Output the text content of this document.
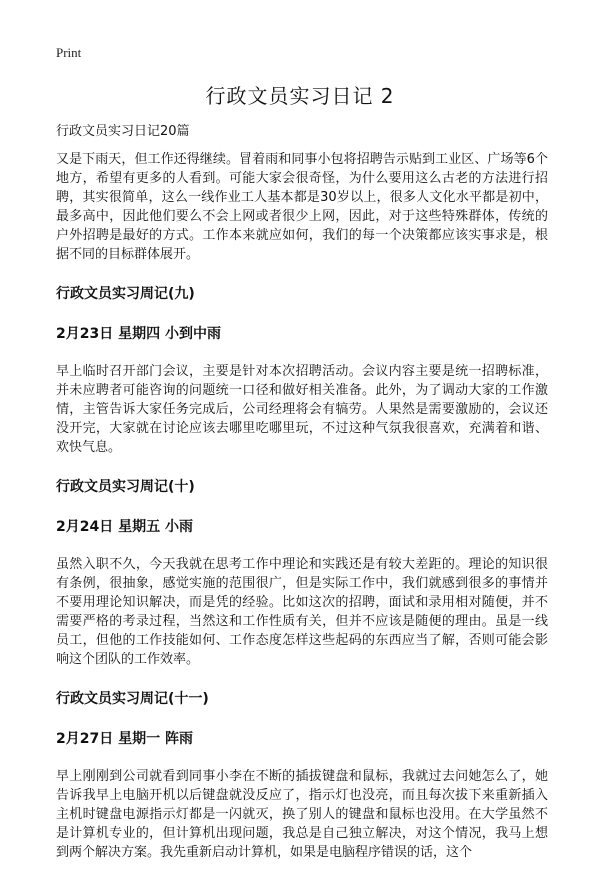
Print
行政文员实习日记 2
行政文员实习日记20篇

又是下雨天，但工作还得继续。冒着雨和同事小包将招聘告示贴到工业区、广场等6个地方，希望有更多的人看到。可能大家会很奇怪，为什么要用这么古老的方法进行招聘，其实很简单，这么一线作业工人基本都是30岁以上，很多人文化水平都是初中，最多高中，因此他们要么不会上网或者很少上网，因此，对于这些特殊群体，传统的户外招聘是最好的方式。工作本来就应如何，我们的每一个决策都应该实事求是，根据不同的目标群体展开。

行政文员实习周记(九)
2月23日 星期四 小到中雨

早上临时召开部门会议，主要是针对本次招聘活动。会议内容主要是统一招聘标准，并未应聘者可能咨询的问题统一口径和做好相关准备。此外，为了调动大家的工作激情，主管告诉大家任务完成后，公司经理将会有犒劳。人果然是需要激励的，会议还没开完，大家就在讨论应该去哪里吃哪里玩，不过这种气氛我很喜欢，充满着和谐、欢快气息。

行政文员实习周记(十)
2月24日 星期五 小雨

虽然入职不久，今天我就在思考工作中理论和实践还是有较大差距的。理论的知识很有条例，很抽象，感觉实施的范围很广，但是实际工作中，我们就感到很多的事情并不要用理论知识解决，而是凭的经验。比如这次的招聘，面试和录用相对随便，并不需要严格的考录过程，当然这和工作性质有关，但并不应该是随便的理由。虽是一线员工，但他的工作技能如何、工作态度怎样这些起码的东西应当了解，否则可能会影响这个团队的工作效率。

行政文员实习周记(十一)
2月27日 星期一 阵雨

早上刚刚到公司就看到同事小李在不断的插拔键盘和鼠标，我就过去问她怎么了，她告诉我早上电脑开机以后键盘就没反应了，指示灯也没亮，而且每次拔下来重新插入主机时键盘电源指示灯都是一闪就灭，换了别人的键盘和鼠标也没用。在大学虽然不是计算机专业的，但计算机出现问题，我总是自己独立解决，对这个情况，我马上想到两个解决方案。我先重新启动计算机，如果是电脑程序错误的话，这个
